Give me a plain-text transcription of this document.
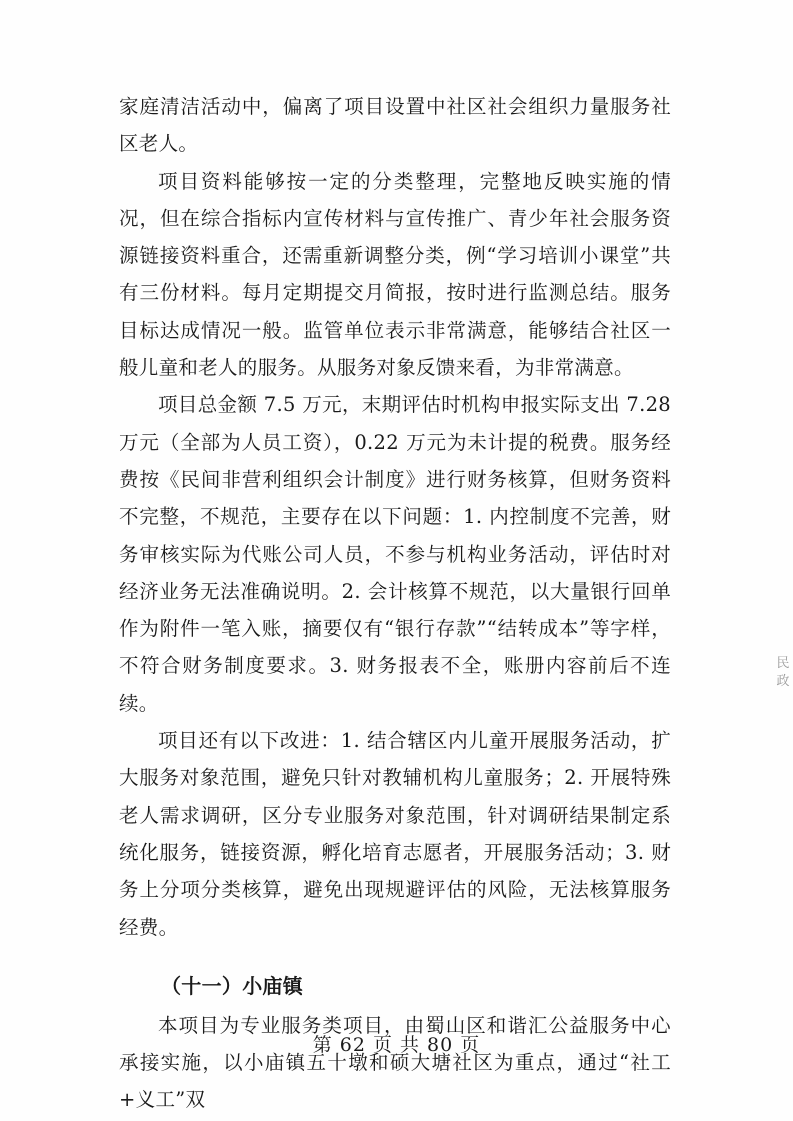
家庭清洁活动中，偏离了项目设置中社区社会组织力量服务社区老人。

项目资料能够按一定的分类整理，完整地反映实施的情况，但在综合指标内宣传材料与宣传推广、青少年社会服务资源链接资料重合，还需重新调整分类，例“学习培训小课堂”共有三份材料。每月定期提交月简报，按时进行监测总结。服务目标达成情况一般。监管单位表示非常满意，能够结合社区一般儿童和老人的服务。从服务对象反馈来看，为非常满意。

项目总金额 7.5 万元，末期评估时机构申报实际支出 7.28 万元（全部为人员工资），0.22 万元为未计提的税费。服务经费按《民间非营利组织会计制度》进行财务核算，但财务资料不完整，不规范，主要存在以下问题：1. 内控制度不完善，财务审核实际为代账公司人员，不参与机构业务活动，评估时对经济业务无法准确说明。2. 会计核算不规范，以大量银行回单作为附件一笔入账，摘要仅有“银行存款”“结转成本”等字样，不符合财务制度要求。3. 财务报表不全，账册内容前后不连续。

项目还有以下改进：1. 结合辖区内儿童开展服务活动，扩大服务对象范围，避免只针对教辅机构儿童服务；2. 开展特殊老人需求调研，区分专业服务对象范围，针对调研结果制定系统化服务，链接资源，孵化培育志愿者，开展服务活动；3. 财务上分项分类核算，避免出现规避评估的风险，无法核算服务经费。

（十一）小庙镇

本项目为专业服务类项目，由蜀山区和谐汇公益服务中心承接实施，以小庙镇五十墩和硕大塘社区为重点，通过“社工+义工”双

第 62 页 共 80 页
民政
